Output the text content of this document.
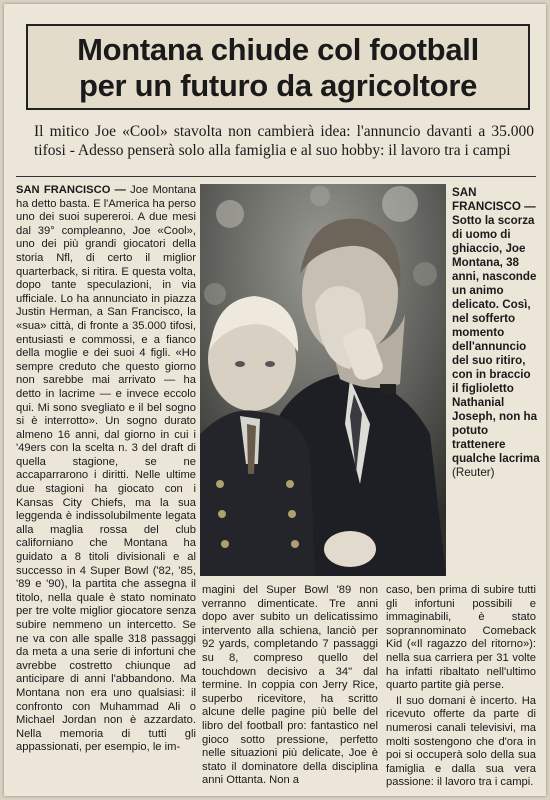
Montana chiude col football
per un futuro da agricoltore
Il mitico Joe «Cool» stavolta non cambierà idea: l'annuncio davanti a 35.000 tifosi - Adesso penserà solo alla famiglia e al suo hobby: il lavoro tra i campi

SAN FRANCISCO — Joe Montana ha detto basta. E l'America ha perso uno dei suoi supereroi. A due mesi dal 39° compleanno, Joe «Cool», uno dei più grandi giocatori della storia Nfl, di certo il miglior quarterback, si ritira. E questa volta, dopo tante speculazioni, in via ufficiale. Lo ha annunciato in piazza Justin Herman, a San Francisco, la «sua» città, di fronte a 35.000 tifosi, entusiasti e commossi, e a fianco della moglie e dei suoi 4 figli. «Ho sempre creduto che questo giorno non sarebbe mai arrivato — ha detto in lacrime — e invece eccolo qui. Mi sono svegliato e il bel sogno si è interrotto». Un sogno durato almeno 16 anni, dal giorno in cui i '49ers con la scelta n. 3 del draft di quella stagione, se ne accaparrarono i diritti. Nelle ultime due stagioni ha giocato con i Kansas City Chiefs, ma la sua leggenda è indissolubilmente legata alla maglia rossa del club californiano che Montana ha guidato a 8 titoli divisionali e al successo in 4 Super Bowl ('82, '85, '89 e '90), la partita che assegna il titolo, nella quale è stato nominato per tre volte miglior giocatore senza subire nemmeno un intercetto. Se ne va con alle spalle 318 passaggi da meta a una serie di infortuni che avrebbe costretto chiunque ad anticipare di anni l'abbandono. Ma Montana non era uno qualsiasi: il confronto con Muhammad Ali o Michael Jordan non è azzardato. Nella memoria di tutti gli appassionati, per esempio, le im-

SAN FRANCISCO — Sotto la scorza di uomo di ghiaccio, Joe Montana, 38 anni, nasconde un animo delicato. Così, nel sofferto momento dell'annuncio del suo ritiro, con in braccio il figlioletto Nathanial Joseph, non ha potuto trattenere qualche lacrima (Reuter)

magini del Super Bowl '89 non verranno dimenticate. Tre anni dopo aver subito un delicatissimo intervento alla schiena, lanciò per 92 yards, completando 7 passaggi su 8, compreso quello del touchdown decisivo a 34" dal termine. In coppia con Jerry Rice, superbo ricevitore, ha scritto alcune delle pagine più belle del libro del football pro: fantastico nel gioco sotto pressione, perfetto nelle situazioni più delicate, Joe è stato il dominatore della disciplina anni Ottanta. Non a

caso, ben prima di subire tutti gli infortuni possibili e immaginabili, è stato soprannominato Comeback Kid («Il ragazzo del ritorno»): nella sua carriera per 31 volte ha infatti ribaltato nell'ultimo quarto partite già perse.

Il suo domani è incerto. Ha ricevuto offerte da parte di numerosi canali televisivi, ma molti sostengono che d'ora in poi si occuperà solo della sua famiglia e dalla sua vera passione: il lavoro tra i campi.
